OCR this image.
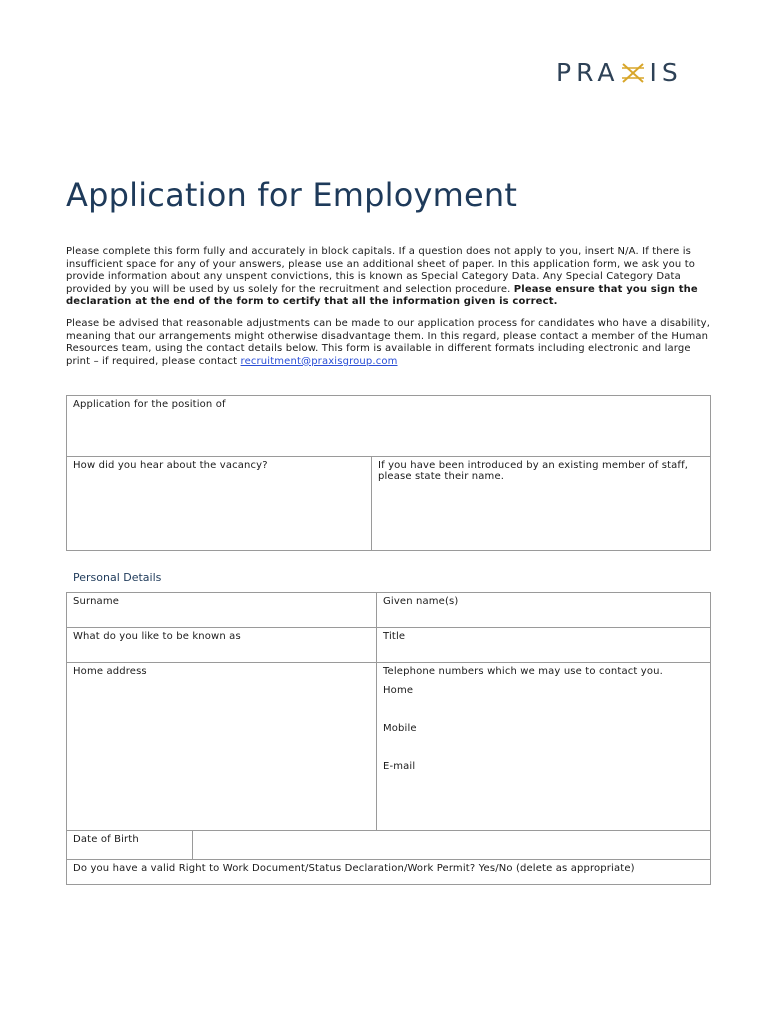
PRA IS
Application for Employment

Please complete this form fully and accurately in block capitals. If a question does not apply to you, insert N/A. If there is insufficient space for any of your answers, please use an additional sheet of paper. In this application form, we ask you to provide information about any unspent convictions, this is known as Special Category Data. Any Special Category Data provided by you will be used by us solely for the recruitment and selection procedure. Please ensure that you sign the declaration at the end of the form to certify that all the information given is correct.

Please be advised that reasonable adjustments can be made to our application process for candidates who have a disability, meaning that our arrangements might otherwise disadvantage them. In this regard, please contact a member of the Human Resources team, using the contact details below. This form is available in different formats including electronic and large print – if required, please contact recruitment@praxisgroup.com

Application for the position of
How did you hear about the vacancy?	If you have been introduced by an existing member of staff, please state their name.
Personal Details
Surname		Given name(s)
What do you like to be known as		Title
Home address		Telephone numbers which we may use to contact you.
Home
Mobile
E-mail

Date of Birth		
Do you have a valid Right to Work Document/Status Declaration/Work Permit? Yes/No (delete as appropriate)		
